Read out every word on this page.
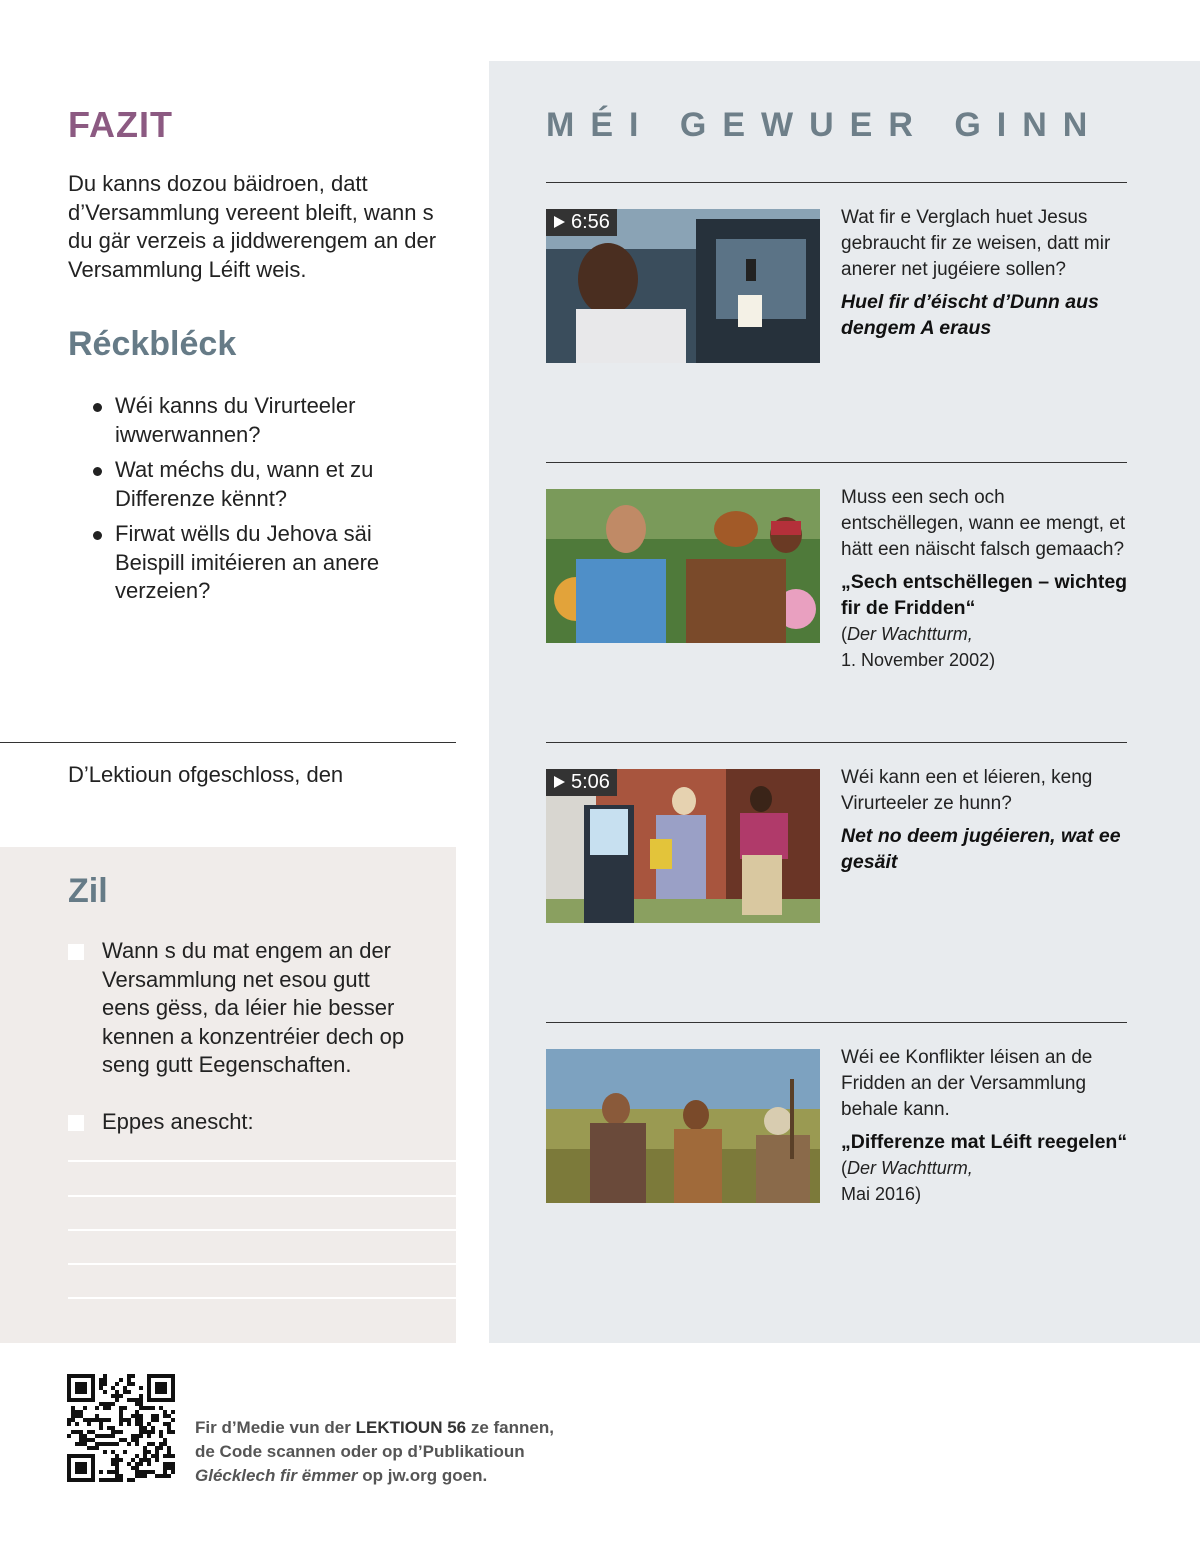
FAZIT

Du kanns dozou bäidroen, datt d’Versammlung vereent bleift, wann s du gär verzeis a jiddwerengem an der Versammlung Léift weis.

Réckbléck
Wéi kanns du Virurteeler iwwerwannen?
Wat méchs du, wann et zu Differenze kënnt?
Firwat wëlls du Jehova säi Beispill imitéieren an anere verzeien?

D’Lektioun ofgeschloss, den

Zil
Wann s du mat engem an der Versammlung net esou gutt eens gëss, da léier hie besser kennen a konzentréier dech op seng gutt Eegenschaften.
Eppes anescht:
MÉI GEWUER GINN
6:56	Wat fir e Verglach huet Jesus gebraucht fir ze weisen, datt mir anerer net jugéiere sollen?

Huel fir d’éischt d’Dunn aus dengem A eraus

Muss een sech och entschëllegen, wann ee mengt, et hätt een näischt falsch gemaach?

„Sech entschëllegen – wichteg fir de Fridden“
(Der Wachtturm,
1. November 2002)

5:06	Wéi kann een et léieren, keng Virurteeler ze hunn?

Net no deem jugéieren, wat ee gesäit

Wéi ee Konflikter léisen an de Fridden an der Versammlung behale kann.

„Differenze mat Léift reegelen“ (Der Wachtturm,
Mai 2016)

Fir d’Medie vun der LEKTIOUN 56 ze fannen,
de Code scannen oder op d’Publikatioun
Glécklech fir ëmmer op jw.org goen.
